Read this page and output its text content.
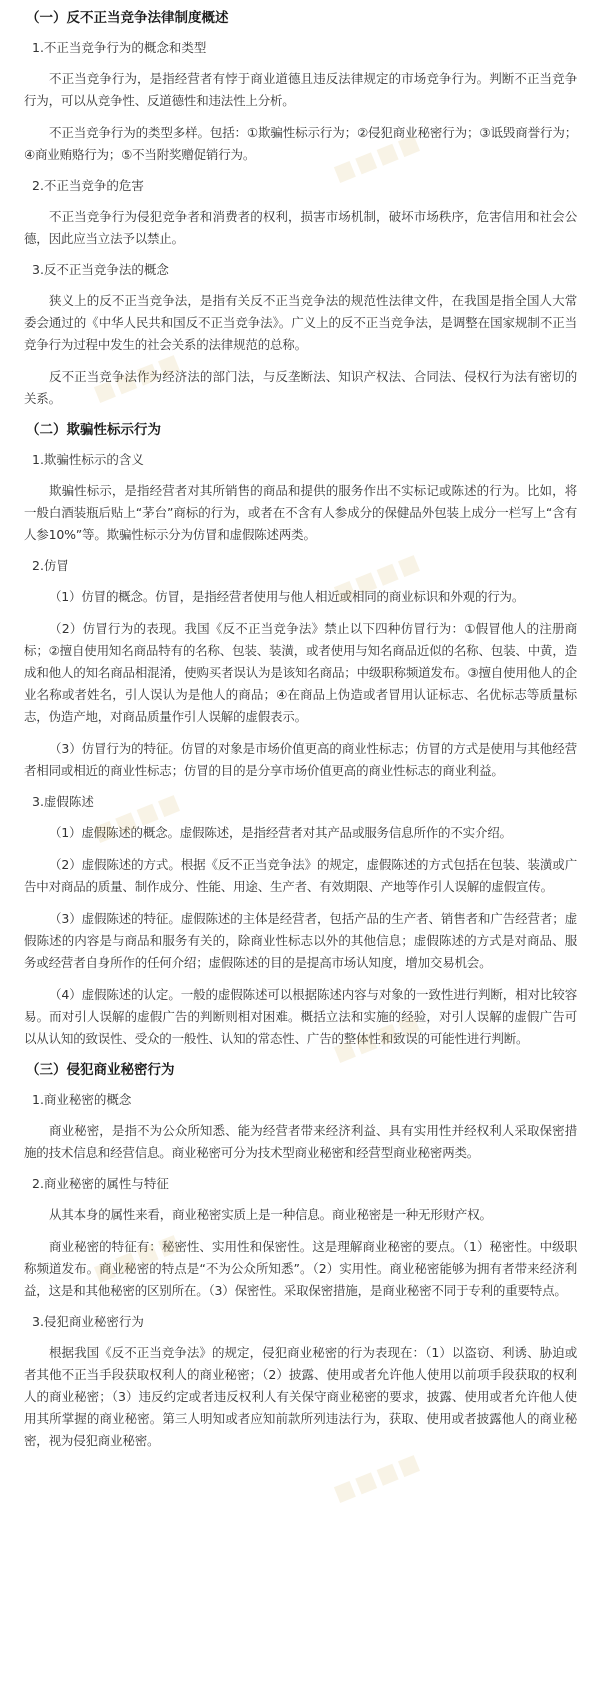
（一）反不正当竞争法律制度概述
1.不正当竞争行为的概念和类型

不正当竞争行为，是指经营者有悖于商业道德且违反法律规定的市场竞争行为。判断不正当竞争行为，可以从竞争性、反道德性和违法性上分析。

不正当竞争行为的类型多样。包括：①欺骗性标示行为；②侵犯商业秘密行为；③诋毁商誉行为；④商业贿赂行为；⑤不当附奖赠促销行为。

2.不正当竞争的危害

不正当竞争行为侵犯竞争者和消费者的权利，损害市场机制，破坏市场秩序，危害信用和社会公德，因此应当立法予以禁止。

3.反不正当竞争法的概念

狭义上的反不正当竞争法，是指有关反不正当竞争法的规范性法律文件，在我国是指全国人大常委会通过的《中华人民共和国反不正当竞争法》。广义上的反不正当竞争法，是调整在国家规制不正当竞争行为过程中发生的社会关系的法律规范的总称。

反不正当竞争法作为经济法的部门法，与反垄断法、知识产权法、合同法、侵权行为法有密切的关系。

（二）欺骗性标示行为
1.欺骗性标示的含义

欺骗性标示，是指经营者对其所销售的商品和提供的服务作出不实标记或陈述的行为。比如，将一般白酒装瓶后贴上“茅台”商标的行为，或者在不含有人参成分的保健品外包装上成分一栏写上“含有人参10%”等。欺骗性标示分为仿冒和虚假陈述两类。

2.仿冒

（1）仿冒的概念。仿冒，是指经营者使用与他人相近或相同的商业标识和外观的行为。

（2）仿冒行为的表现。我国《反不正当竞争法》禁止以下四种仿冒行为：①假冒他人的注册商标；②擅自使用知名商品特有的名称、包装、装潢，或者使用与知名商品近似的名称、包装、中黄，造成和他人的知名商品相混淆，使购买者误认为是该知名商品；中级职称频道发布。③擅自使用他人的企业名称或者姓名，引人误认为是他人的商品；④在商品上伪造或者冒用认证标志、名优标志等质量标志，伪造产地，对商品质量作引人误解的虚假表示。

（3）仿冒行为的特征。仿冒的对象是市场价值更高的商业性标志；仿冒的方式是使用与其他经营者相同或相近的商业性标志；仿冒的目的是分享市场价值更高的商业性标志的商业利益。

3.虚假陈述

（1）虚假陈述的概念。虚假陈述，是指经营者对其产品或服务信息所作的不实介绍。

（2）虚假陈述的方式。根据《反不正当竞争法》的规定，虚假陈述的方式包括在包装、装潢或广告中对商品的质量、制作成分、性能、用途、生产者、有效期限、产地等作引人误解的虚假宣传。

（3）虚假陈述的特征。虚假陈述的主体是经营者，包括产品的生产者、销售者和广告经营者；虚假陈述的内容是与商品和服务有关的，除商业性标志以外的其他信息；虚假陈述的方式是对商品、服务或经营者自身所作的任何介绍；虚假陈述的目的是提高市场认知度，增加交易机会。

（4）虚假陈述的认定。一般的虚假陈述可以根据陈述内容与对象的一致性进行判断，相对比较容易。而对引人误解的虚假广告的判断则相对困难。概括立法和实施的经验，对引人误解的虚假广告可以从认知的致误性、受众的一般性、认知的常态性、广告的整体性和致误的可能性进行判断。

（三）侵犯商业秘密行为
1.商业秘密的概念

商业秘密，是指不为公众所知悉、能为经营者带来经济利益、具有实用性并经权利人采取保密措施的技术信息和经营信息。商业秘密可分为技术型商业秘密和经营型商业秘密两类。

2.商业秘密的属性与特征

从其本身的属性来看，商业秘密实质上是一种信息。商业秘密是一种无形财产权。

商业秘密的特征有：秘密性、实用性和保密性。这是理解商业秘密的要点。（1）秘密性。中级职称频道发布。商业秘密的特点是“不为公众所知悉”。（2）实用性。商业秘密能够为拥有者带来经济利益，这是和其他秘密的区别所在。（3）保密性。采取保密措施，是商业秘密不同于专利的重要特点。

3.侵犯商业秘密行为

根据我国《反不正当竞争法》的规定，侵犯商业秘密的行为表现在：（1）以盗窃、利诱、胁迫或者其他不正当手段获取权利人的商业秘密；（2）披露、使用或者允许他人使用以前项手段获取的权利人的商业秘密；（3）违反约定或者违反权利人有关保守商业秘密的要求，披露、使用或者允许他人使用其所掌握的商业秘密。第三人明知或者应知前款所列违法行为，获取、使用或者披露他人的商业秘密，视为侵犯商业秘密。

▪▪▪▪
▪▪▪▪
▪▪▪▪
▪▪▪▪
▪▪▪▪
▪▪▪▪
▪▪▪▪
